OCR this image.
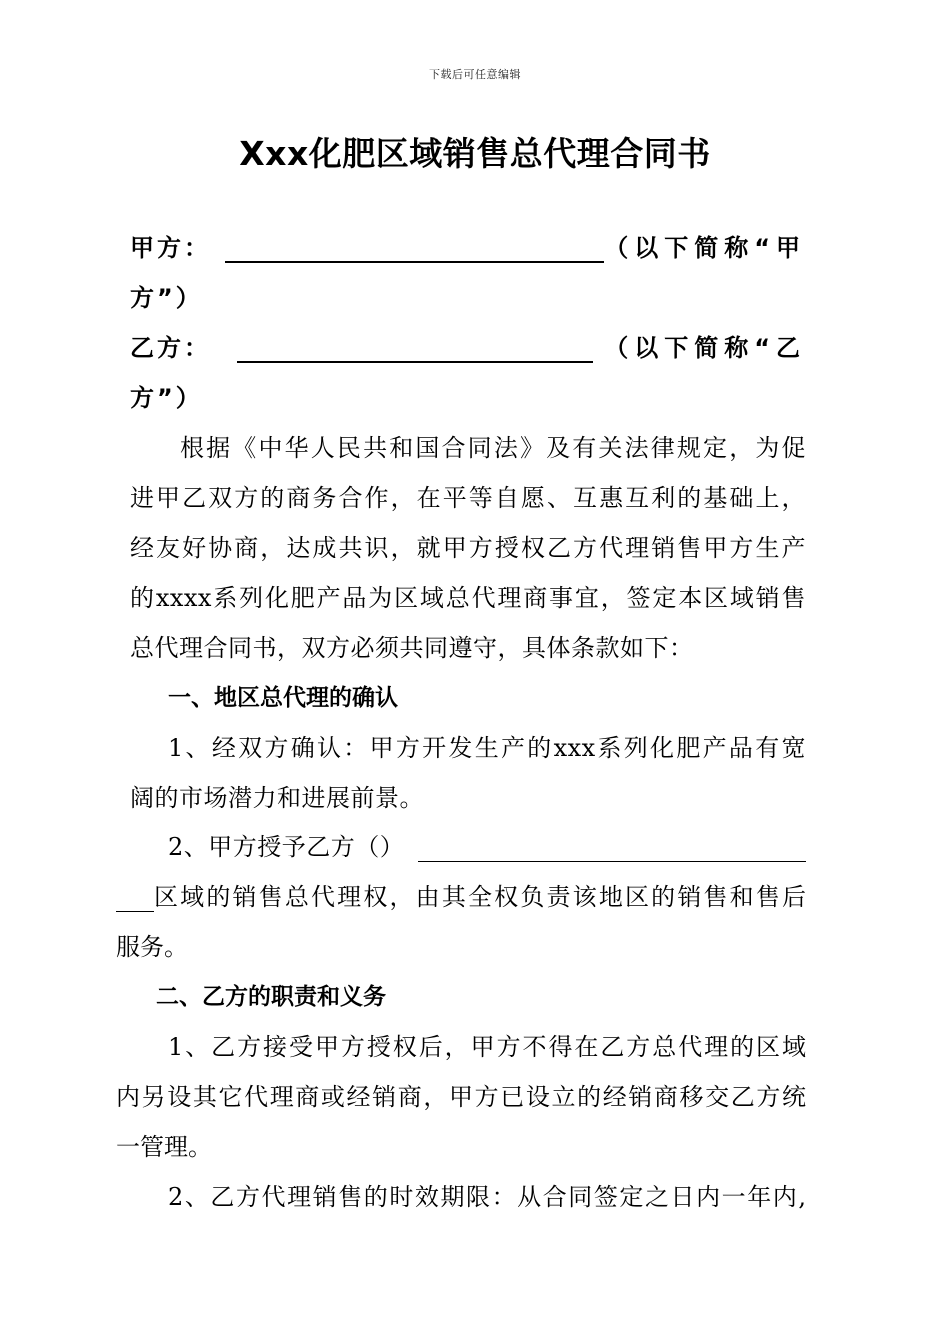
下载后可任意编辑
Xxx化肥区域销售总代理合同书
甲方：	（以下简称“甲
方”）
乙方：	（以下简称“乙
方”）
根据《中华人民共和国合同法》及有关法律规定，为促
进甲乙双方的商务合作，在平等自愿、互惠互利的基础上，
经友好协商，达成共识，就甲方授权乙方代理销售甲方生产
的xxxx系列化肥产品为区域总代理商事宜，签定本区域销售
总代理合同书，双方必须共同遵守，具体条款如下：
一、地区总代理的确认
1、经双方确认：甲方开发生产的xxx系列化肥产品有宽
阔的市场潜力和进展前景。
2、甲方授予乙方（）
区域的销售总代理权，由其全权负责该地区的销售和售后
服务。
二、乙方的职责和义务
1、乙方接受甲方授权后，甲方不得在乙方总代理的区域
内另设其它代理商或经销商，甲方已设立的经销商移交乙方统
一管理。
2、乙方代理销售的时效期限：从合同签定之日内一年内,
